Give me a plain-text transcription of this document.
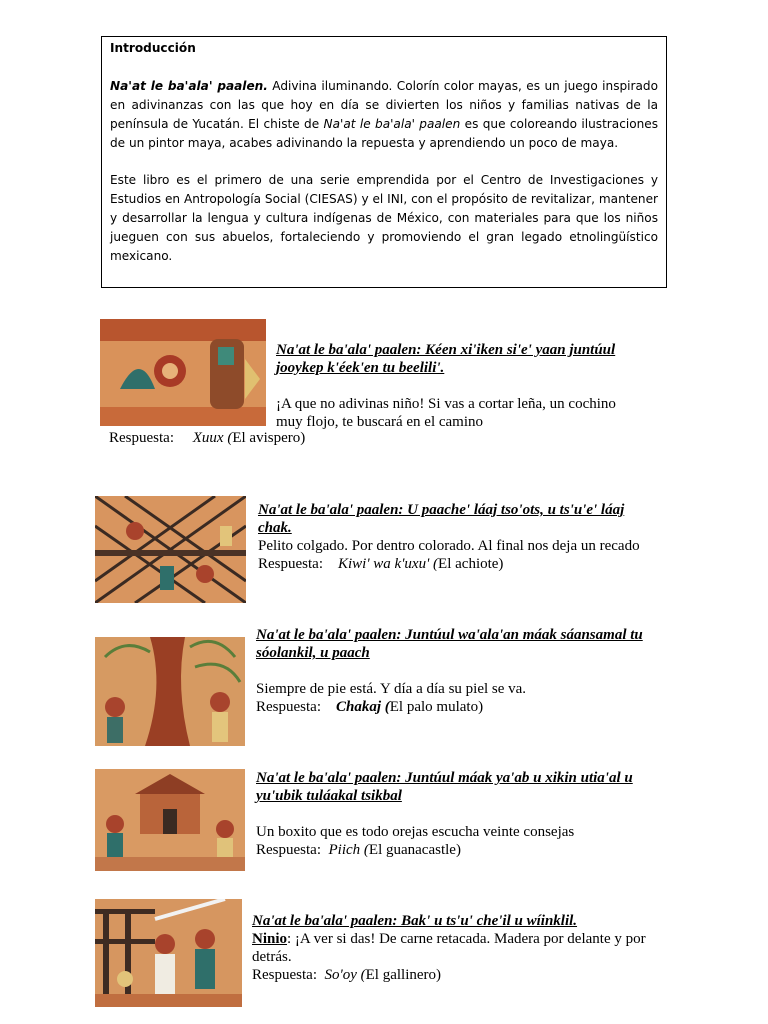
Introducción

Na'at le ba'ala' paalen. Adivina iluminando. Colorín color mayas, es un juego inspirado en adivinanzas con las que hoy en día se divierten los niños y familias nativas de la península de Yucatán. El chiste de Na'at le ba'ala' paalen es que coloreando ilustraciones de un pintor maya, acabes adivinando la repuesta y aprendiendo un poco de maya.

Este libro es el primero de una serie emprendida por el Centro de Investigaciones y Estudios en Antropología Social (CIESAS) y el INI, con el propósito de revitalizar, mantener y desarrollar la lengua y cultura indígenas de México, con materiales para que los niños jueguen con sus abuelos, fortaleciendo y promoviendo el gran legado etnolingüístico mexicano.

Na'at le ba'ala' paalen: Kéen xi'iken si'e' yaan juntúul jooykep k'éek'en tu beelili'.
¡A que no adivinas niño! Si vas a cortar leña, un cochino muy flojo, te buscará en el camino
Respuesta: Xuux (El avispero)
Na'at le ba'ala' paalen: U paache' láaj tso'ots, u ts'u'e' láaj chak.
Pelito colgado. Por dentro colorado. Al final nos deja un recado
Respuesta: Kiwi' wa k'uxu' (El achiote)
Na'at le ba'ala' paalen: Juntúul wa'ala'an máak sáansamal tu sóolankil, u paach
Siempre de pie está. Y día a día su piel se va.
Respuesta: Chakaj (El palo mulato)
Na'at le ba'ala' paalen: Juntúul máak ya'ab u xikin utia'al u yu'ubik tuláakal tsikbal
Un boxito que es todo orejas escucha veinte consejas
Respuesta: Piich (El guanacastle)
Na'at le ba'ala' paalen: Bak' u ts'u' che'il u wíinklil.
Ninio: ¡A ver si das! De carne retacada. Madera por delante y por detrás.
Respuesta: So'oy (El gallinero)
